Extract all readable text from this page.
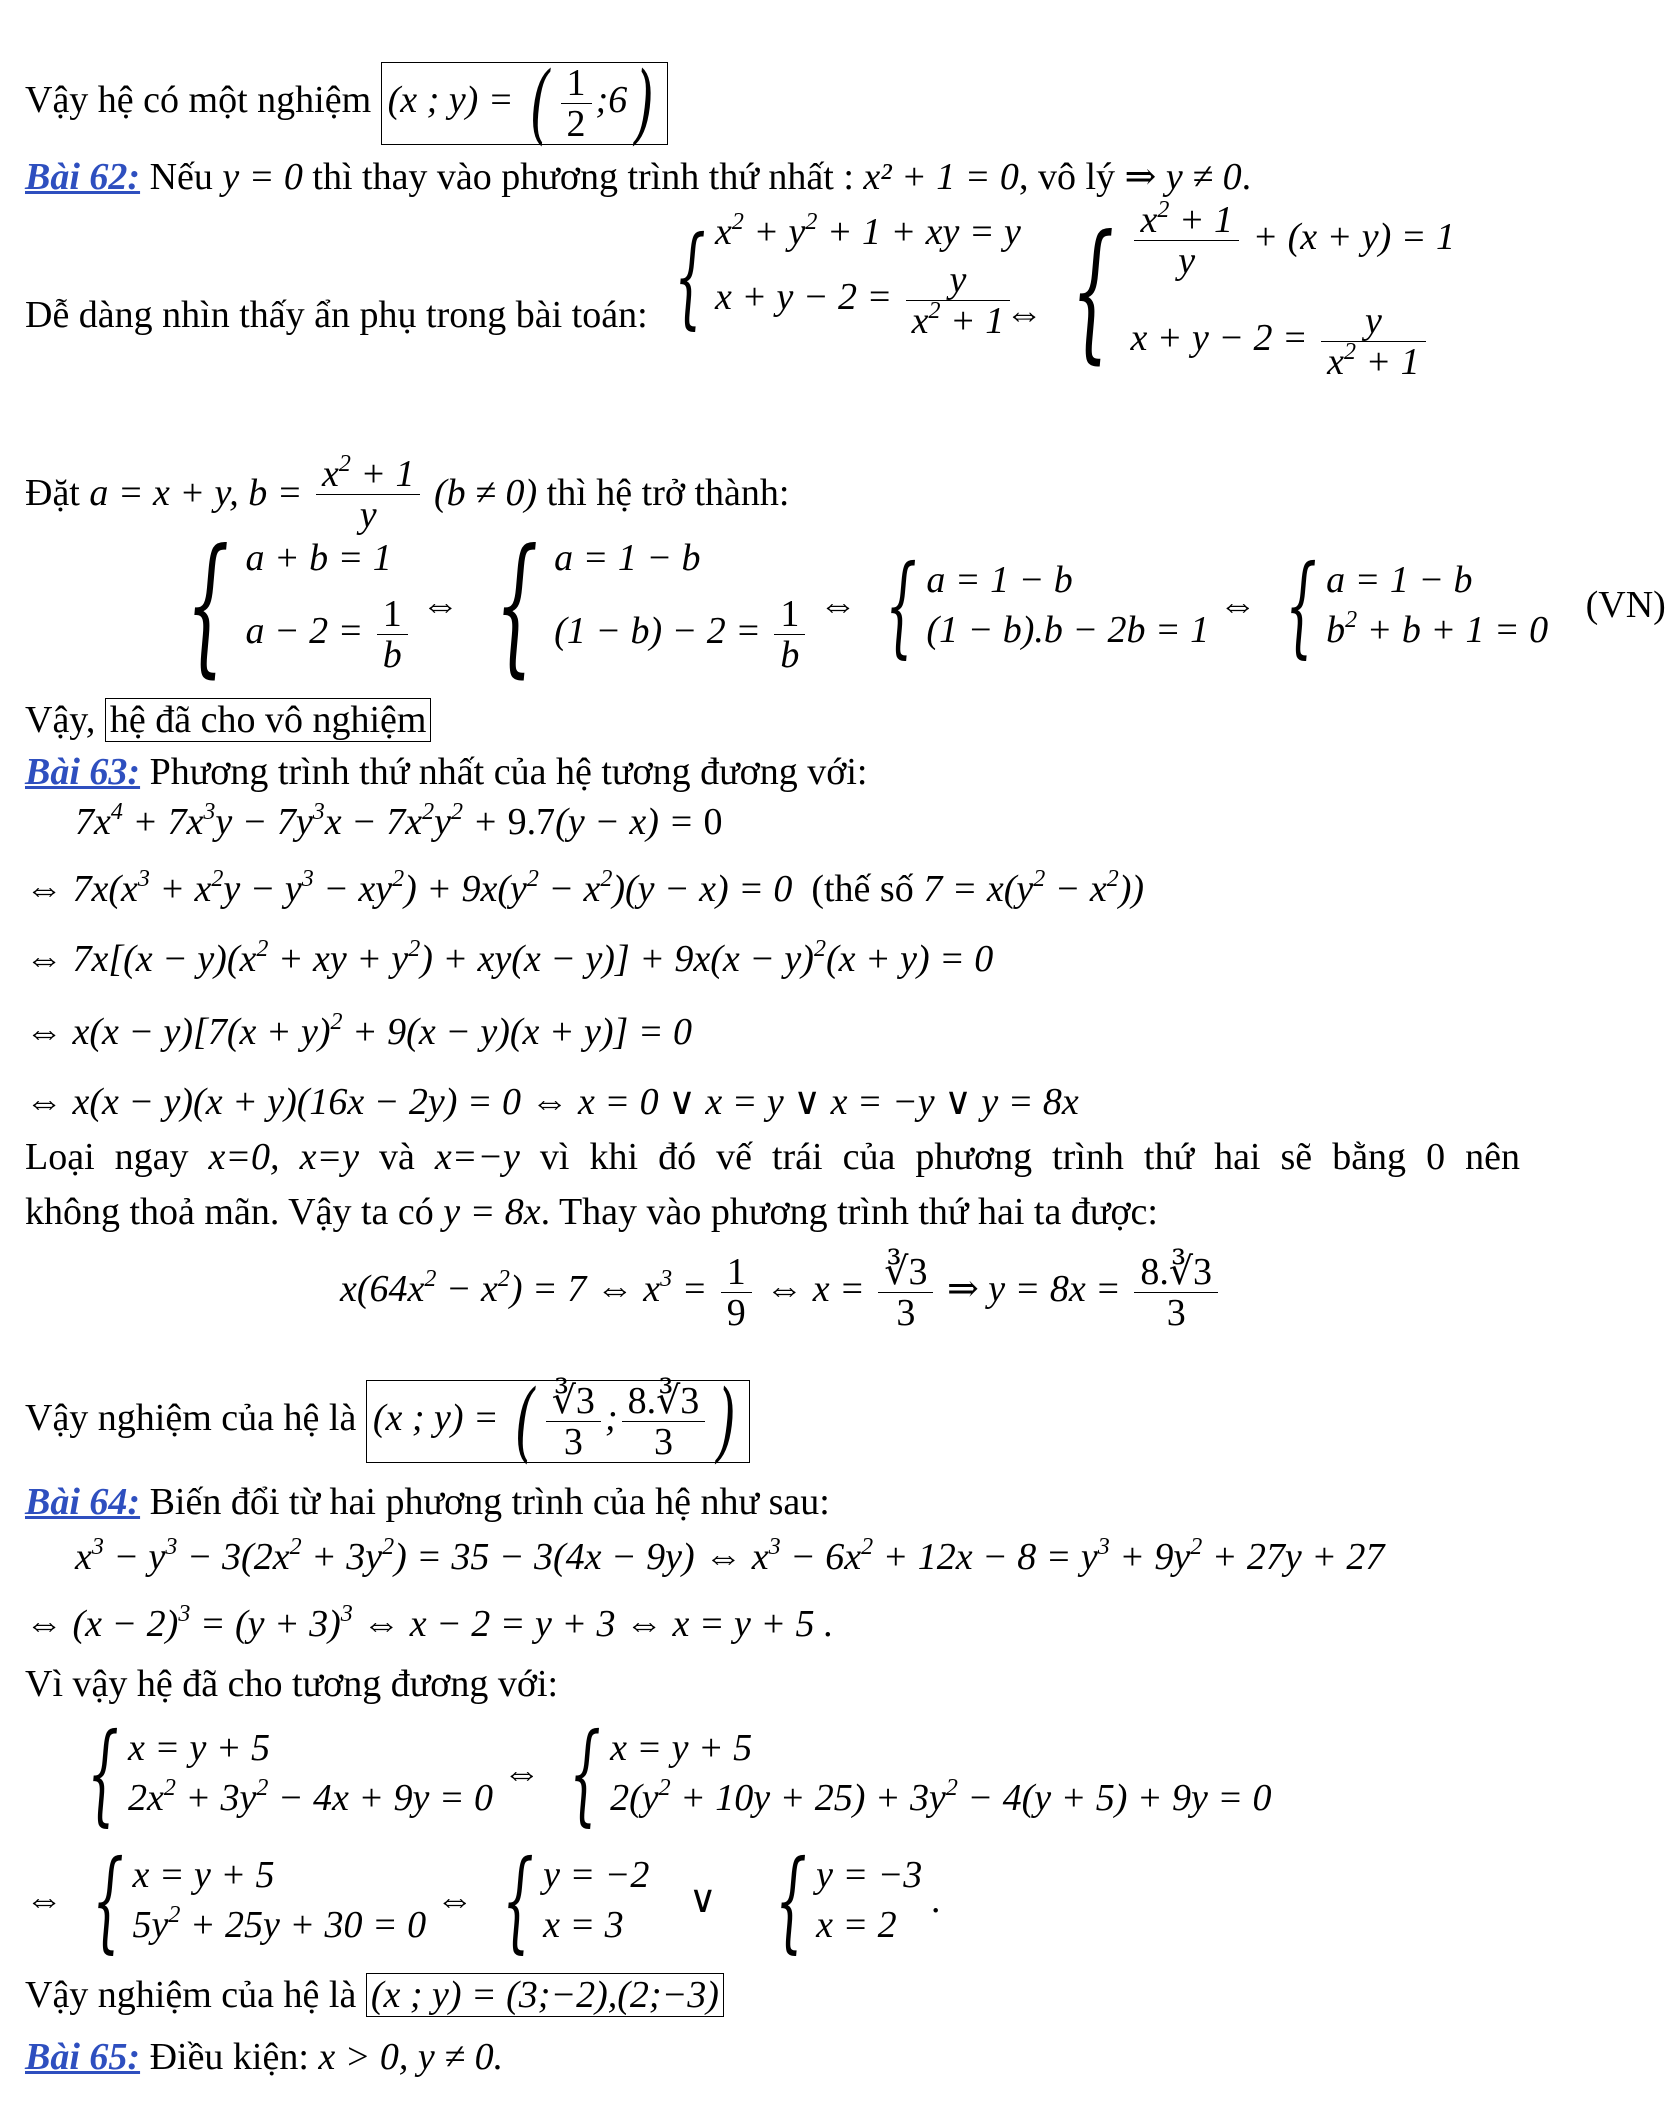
Vậy hệ có một nghiệm (x ; y) = ( $\frac{1}{2}$ ;6)
Bài 62: Nếu y = 0 thì thay vào phương trình thứ nhất : x² + 1 = 0, vô lý ⇒ y ≠ 0.
Dễ dàng nhìn thấy ẩn phụ trong bài toán: { $x^2 + y^2 + 1$ + xy = y
$x + y - 2 = \frac{y}{x^2 + 1}$
⇔ { $\frac{x^2 + 1}{y} + (x + y) = 1$
$x + y - 2 = \frac{y}{x^2 + 1}$
Đặt a = x + y, $b = \frac{x^2 + 1}{y} (b \ne 0)$ thì hệ trở thành:
{ a + b = 1
$a - 2 = \frac{1}{b}$ ⇔ { a = 1 − b
$(1 - b) - 2 = \frac{1}{b}$ ⇔ { a = 1 − b
(1 − b).b − 2b = 1
⇔ { a = 1 − b
$b^2 + b + 1 = 0$
(VN)
Vậy, hệ đã cho vô nghiệm
Bài 63: Phương trình thứ nhất của hệ tương đương với:
$7x^4 + 7x^3y - 7y^3x - 7x^2y^2 + 9.7(y - x) = 0$
⇔ $7x(x^3 + x^2y - y^3 - xy^2) + 9x(y^2 - x^2)(y - x) = 0$  (thế số $7 = x(y^2 - x^2)$)
⇔ $7x[(x - y)(x^2$ + xy + $y^2) + xy(x - y)] + 9x(x - y)^2(x + y) = 0$
⇔ $x(x - y)[7(x + y)^2 + 9(x - y)(x + y)] = 0$
⇔ x(x − y)(x + y)(16x − 2y) = 0 ⇔ x = 0 ∨ x = y ∨ x = −y ∨ y = 8x
Loại ngay x=0, x=y và x=−y vì khi đó vế trái của phương trình thứ hai sẽ bằng 0 nên
không thoả mãn. Vậy ta có y = 8x. Thay vào phương trình thứ hai ta được:
$x(64x^2 - x^2) = 7$ ⇔ $x^3 = \frac{1}{9}$ ⇔ $x = \frac{∛3}{3}$ ⇒ $y = 8x = \frac{8.∛3}{3}$
Vậy nghiệm của hệ là (x ; y) = ( $\frac{∛3}{3}$ ; $\frac{8.∛3}{3}$ )
Bài 64: Biến đổi từ hai phương trình của hệ như sau:
$x^3 - y^3 - 3(2x^2 + 3y^2) = 35 - 3(4x - 9y)$ ⇔ $x^3 - 6x^2 + 12x - 8 = y^3 + 9y^2 + 27y + 27$
⇔ $(x - 2)^3 = (y + 3)^3$ ⇔ x − 2 = y + 3 ⇔ x = y + 5 .
Vì vậy hệ đã cho tương đương với:
{ x = y + 5
$2x^2 + 3y^2 - 4x + 9y = 0$
⇔ { x = y + 5
$2(y^2 + 10y + 25) + 3y^2 - 4(y + 5) + 9y = 0$
⇔ { x = y + 5
$5y^2 + 25y + 30 = 0$
⇔ { y = −2
x = 3
∨ { y = −3
x = 2
.
Vậy nghiệm của hệ là (x ; y) = (3;−2),(2;−3)
Bài 65: Điều kiện: x > 0, y ≠ 0.
